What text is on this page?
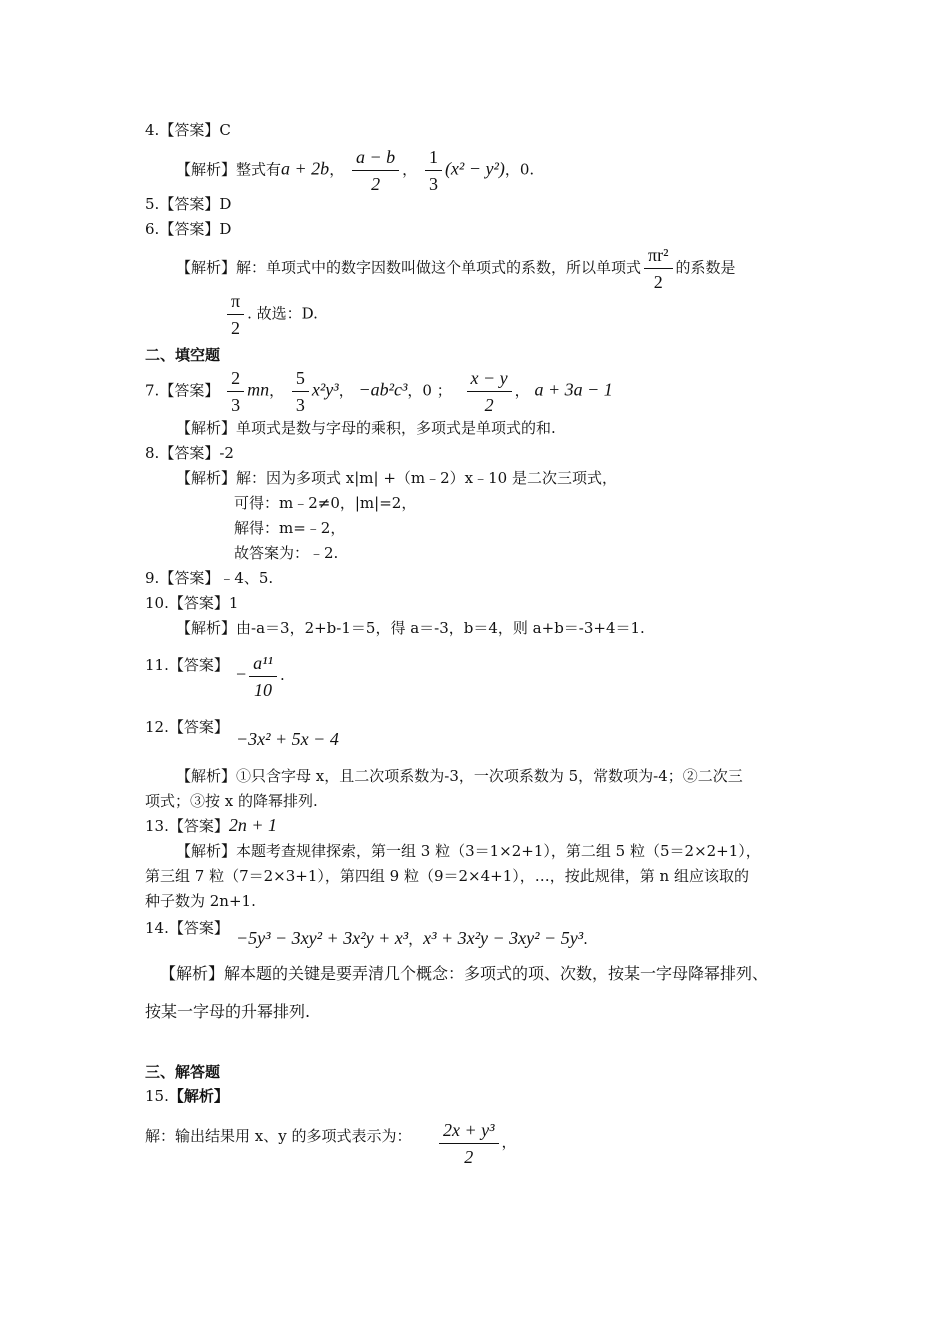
4.【答案】C
【解析】整式有a + 2b， $\frac{a - b}{2}$ ， $\frac{1}{3} (x^2 - y^2)$，0.
5.【答案】D
6.【答案】D
【解析】解：单项式中的数字因数叫做这个单项式的系数，所以单项式 $\frac{\text{πr²}}{2}$ 的系数是
$\frac{\pi}{2}$ . 故选：D.
二、填空题
7.【答案】 $\frac{2}{3}$ mn， $\frac{5}{3} x^2y^3$， −ab²c³，0 ； $\frac{x - y}{2}$ ， a + 3a − 1
【解析】单项式是数与字母的乘积，多项式是单项式的和.
8.【答案】-2
【解析】解：因为多项式 x|m| +（m﹣2）x﹣10 是二次三项式，
可得：m﹣2≠0，|m|=2，
解得：m=﹣2，
故答案为：﹣2.
9.【答案】﹣4、5.
10.【答案】1
【解析】由-a＝3，2+b-1＝5，得 a＝-3，b＝4，则 a+b＝-3+4＝1.
11.【答案】 − $\frac{\text{a¹¹}}{10}$ .
12.【答案】
−3x² + 5x − 4
【解析】①只含字母 x，且二次项系数为-3，一次项系数为 5，常数项为-4；②二次三
项式；③按 x 的降幂排列.
13.【答案】2n + 1
【解析】本题考查规律探索，第一组 3 粒（3＝1×2+1），第二组 5 粒（5＝2×2+1），
第三组 7 粒（7＝2×3+1），第四组 9 粒（9＝2×4+1），…，按此规律，第 n 组应该取的
种子数为 2n+1.
14.【答案】 −5y³ − 3xy² + 3x²y + x³，x³ + 3x²y − 3xy² − 5y³.
【解析】解本题的关键是要弄清几个概念：多项式的项、次数，按某一字母降幂排列、
按某一字母的升幂排列.
三、解答题
15.【解析】
解：输出结果用 x、y 的多项式表示为： $\frac{\text{2x + y³}}{2}$ ，
